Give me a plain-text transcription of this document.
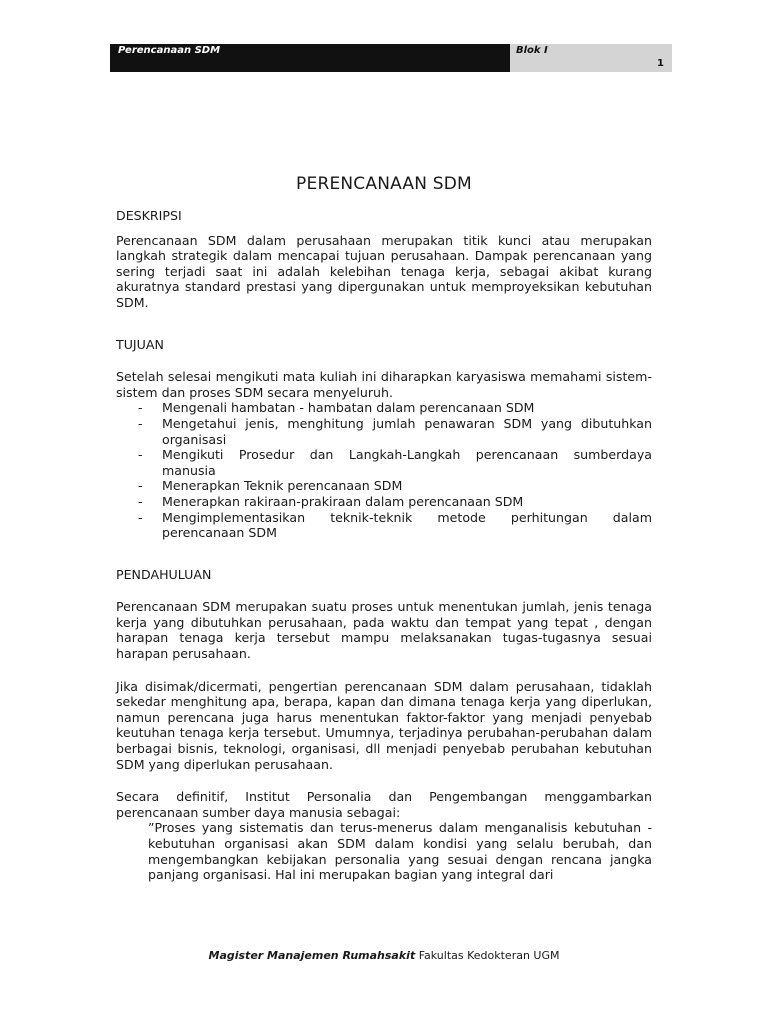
Perencanaan SDM	Blok I
1
PERENCANAAN SDM
DESKRIPSI

Perencanaan SDM dalam perusahaan merupakan titik kunci atau merupakan langkah strategik dalam mencapai tujuan perusahaan. Dampak perencanaan yang sering terjadi saat ini adalah kelebihan tenaga kerja, sebagai akibat kurang akuratnya standard prestasi yang dipergunakan untuk memproyeksikan kebutuhan SDM.

TUJUAN

Setelah selesai mengikuti mata kuliah ini diharapkan karyasiswa memahami sistem-sistem dan proses SDM secara menyeluruh.

- Mengenali hambatan - hambatan dalam perencanaan SDM
- Mengetahui jenis, menghitung jumlah penawaran SDM yang dibutuhkan organisasi
- Mengikuti Prosedur dan Langkah-Langkah perencanaan sumberdaya manusia
- Menerapkan Teknik perencanaan SDM
- Menerapkan rakiraan-prakiraan dalam perencanaan SDM
- Mengimplementasikan teknik-teknik metode perhitungan dalam perencanaan SDM
PENDAHULUAN

Perencanaan SDM merupakan suatu proses untuk menentukan jumlah, jenis tenaga kerja yang dibutuhkan perusahaan, pada waktu dan tempat yang tepat , dengan harapan tenaga kerja tersebut mampu melaksanakan tugas-tugasnya sesuai harapan perusahaan.

Jika disimak/dicermati, pengertian perencanaan SDM dalam perusahaan, tidaklah sekedar menghitung apa, berapa, kapan dan dimana tenaga kerja yang diperlukan, namun perencana juga harus menentukan faktor-faktor yang menjadi penyebab keutuhan tenaga kerja tersebut. Umumnya, terjadinya perubahan-perubahan dalam berbagai bisnis, teknologi, organisasi, dll menjadi penyebab perubahan kebutuhan SDM yang diperlukan perusahaan.

Secara definitif, Institut Personalia dan Pengembangan menggambarkan perencanaan sumber daya manusia sebagai:

”Proses yang sistematis dan terus-menerus dalam menganalisis kebutuhan -kebutuhan organisasi akan SDM dalam kondisi yang selalu berubah, dan mengembangkan kebijakan personalia yang sesuai dengan rencana jangka panjang organisasi. Hal ini merupakan bagian yang integral dari

Magister Manajemen Rumahsakit Fakultas Kedokteran UGM
